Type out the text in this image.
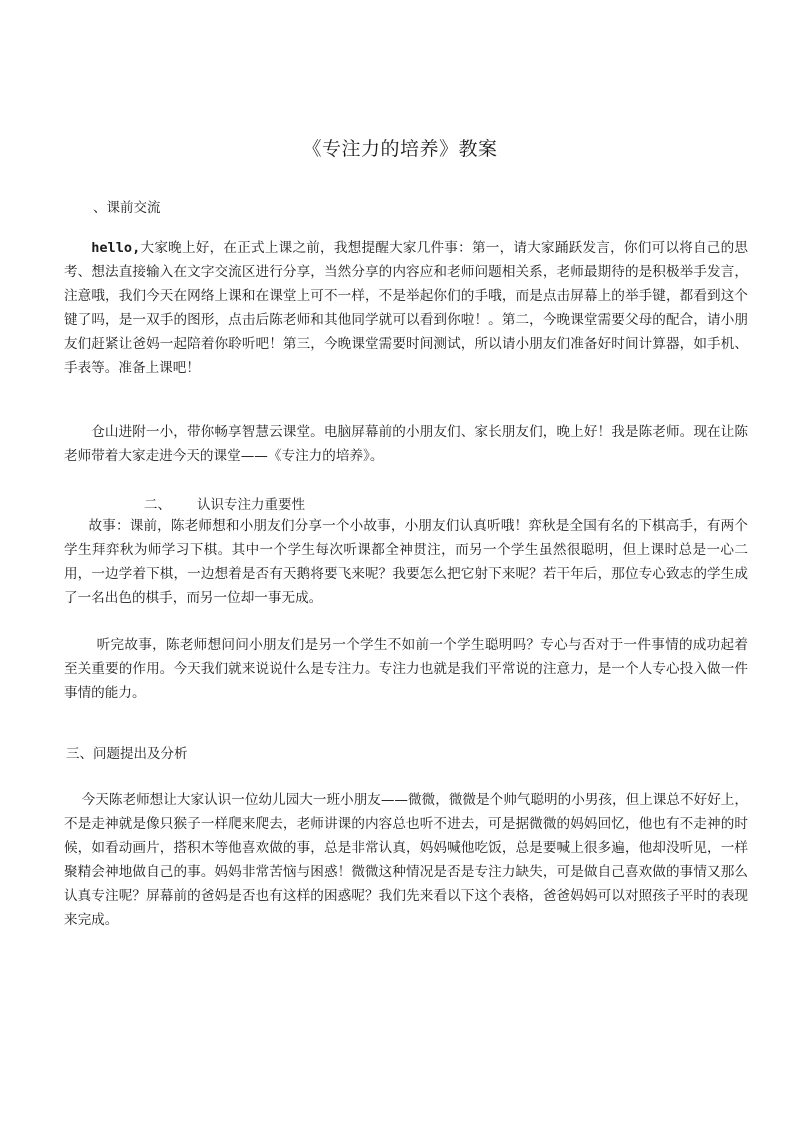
《专注力的培养》教案
、课前交流

hello,大家晚上好，在正式上课之前，我想提醒大家几件事：第一，请大家踊跃发言，你们可以将自己的思考、想法直接输入在文字交流区进行分享，当然分享的内容应和老师问题相关系，老师最期待的是积极举手发言，注意哦，我们今天在网络上课和在课堂上可不一样，不是举起你们的手哦，而是点击屏幕上的举手键，都看到这个键了吗，是一双手的图形，点击后陈老师和其他同学就可以看到你啦！。第二，今晚课堂需要父母的配合，请小朋友们赶紧让爸妈一起陪着你聆听吧！第三，今晚课堂需要时间测试，所以请小朋友们准备好时间计算器，如手机、手表等。准备上课吧！

仓山进附一小，带你畅享智慧云课堂。电脑屏幕前的小朋友们、家长朋友们，晚上好！我是陈老师。现在让陈老师带着大家走进今天的课堂——《专注力的培养》。

二、 认识专注力重要性

故事：课前，陈老师想和小朋友们分享一个小故事，小朋友们认真听哦！弈秋是全国有名的下棋高手，有两个学生拜弈秋为师学习下棋。其中一个学生每次听课都全神贯注，而另一个学生虽然很聪明，但上课时总是一心二用，一边学着下棋，一边想着是否有天鹅将要飞来呢？我要怎么把它射下来呢？若干年后，那位专心致志的学生成了一名出色的棋手，而另一位却一事无成。

听完故事，陈老师想问问小朋友们是另一个学生不如前一个学生聪明吗？专心与否对于一件事情的成功起着至关重要的作用。今天我们就来说说什么是专注力。专注力也就是我们平常说的注意力，是一个人专心投入做一件事情的能力。

三、问题提出及分析

今天陈老师想让大家认识一位幼儿园大一班小朋友——微微，微微是个帅气聪明的小男孩，但上课总不好好上，不是走神就是像只猴子一样爬来爬去，老师讲课的内容总也听不进去，可是据微微的妈妈回忆，他也有不走神的时候，如看动画片，搭积木等他喜欢做的事，总是非常认真，妈妈喊他吃饭，总是要喊上很多遍，他却没听见，一样聚精会神地做自己的事。妈妈非常苦恼与困惑！微微这种情况是否是专注力缺失，可是做自己喜欢做的事情又那么认真专注呢？屏幕前的爸妈是否也有这样的困惑呢？我们先来看以下这个表格，爸爸妈妈可以对照孩子平时的表现来完成。
